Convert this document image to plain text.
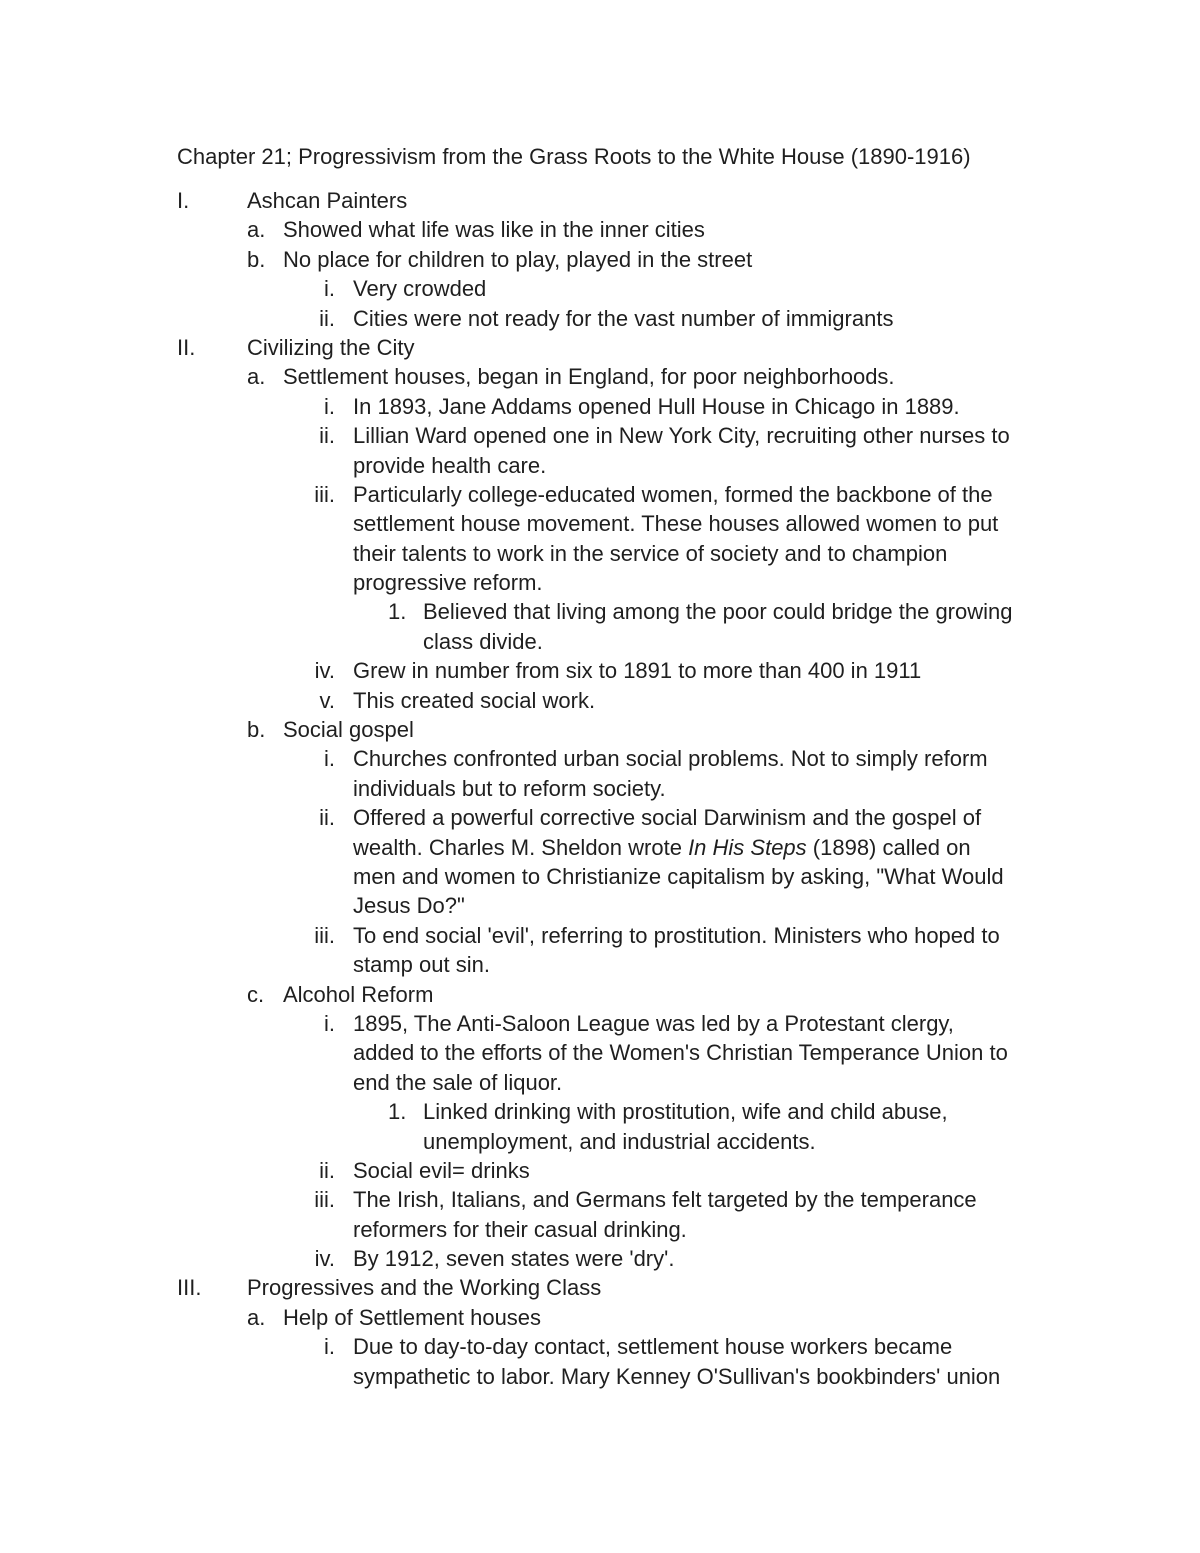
Chapter 21; Progressivism from the Grass Roots to the White House (1890-1916)
I.	Ashcan Painters
a. Showed what life was like in the inner cities
b. No place for children to play, played in the street
i. Very crowded
ii. Cities were not ready for the vast number of immigrants
II. Civilizing the City
a. Settlement houses, began in England, for poor neighborhoods.
i. In 1893, Jane Addams opened Hull House in Chicago in 1889.
ii. Lillian Ward opened one in New York City, recruiting other nurses to
provide health care.
iii. Particularly college-educated women, formed the backbone of the
settlement house movement. These houses allowed women to put
their talents to work in the service of society and to champion
progressive reform.
1. Believed that living among the poor could bridge the growing
class divide.
iv. Grew in number from six to 1891 to more than 400 in 1911
v. This created social work.
b. Social gospel
i. Churches confronted urban social problems. Not to simply reform
individuals but to reform society.
ii. Offered a powerful corrective social Darwinism and the gospel of
wealth. Charles M. Sheldon wrote In His Steps (1898) called on
men and women to Christianize capitalism by asking, "What Would
Jesus Do?"
iii. To end social 'evil', referring to prostitution. Ministers who hoped to
stamp out sin.
c. Alcohol Reform
i. 1895, The Anti-Saloon League was led by a Protestant clergy,
added to the efforts of the Women's Christian Temperance Union to
end the sale of liquor.
1. Linked drinking with prostitution, wife and child abuse,
unemployment, and industrial accidents.
ii. Social evil= drinks
iii. The Irish, Italians, and Germans felt targeted by the temperance
reformers for their casual drinking.
iv. By 1912, seven states were 'dry'.
III. Progressives and the Working Class
a. Help of Settlement houses
i. Due to day-to-day contact, settlement house workers became
sympathetic to labor. Mary Kenney O'Sullivan's bookbinders' union
